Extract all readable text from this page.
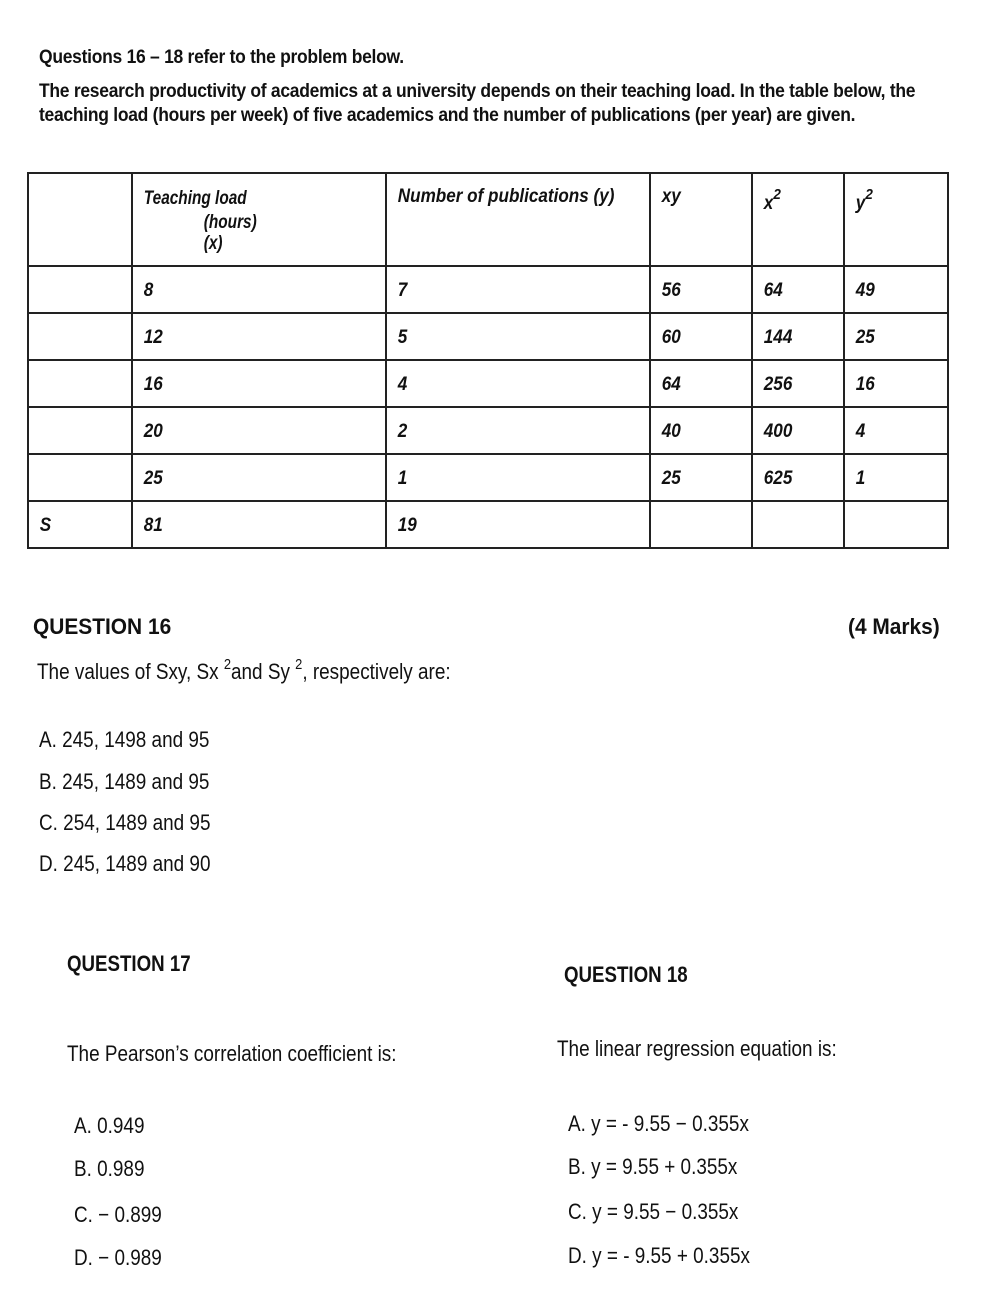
Questions 16 – 18 refer to the problem below.
The research productivity of academics at a university depends on their teaching load. In the table below, the
teaching load (hours per week) of five academics and the number of publications (per year) are given.

	Teaching load
(hours)
(x)	Number of publications (y)	xy	$x^2$	$y^2$

	8	7	56	64	49

	12	5	60	144	25

	16	4	64	256	16

	20	2	40	400	4

	25	1	25	625	1

S	81	19			

QUESTION 16	(4 Marks)
The values of Sxy, Sx $^2$and Sy $^2$, respectively are:
A. 245, 1498 and 95
B. 245, 1489 and 95
C. 254, 1489 and 95
D. 245, 1489 and 90
QUESTION 17
The Pearson’s correlation coefficient is:
A. 0.949
B. 0.989
C. − 0.899
D. − 0.989
QUESTION 18
The linear regression equation is:
A. y = - 9.55 − 0.355x
B. y = 9.55 + 0.355x
C. y = 9.55 − 0.355x
D. y = - 9.55 + 0.355x
